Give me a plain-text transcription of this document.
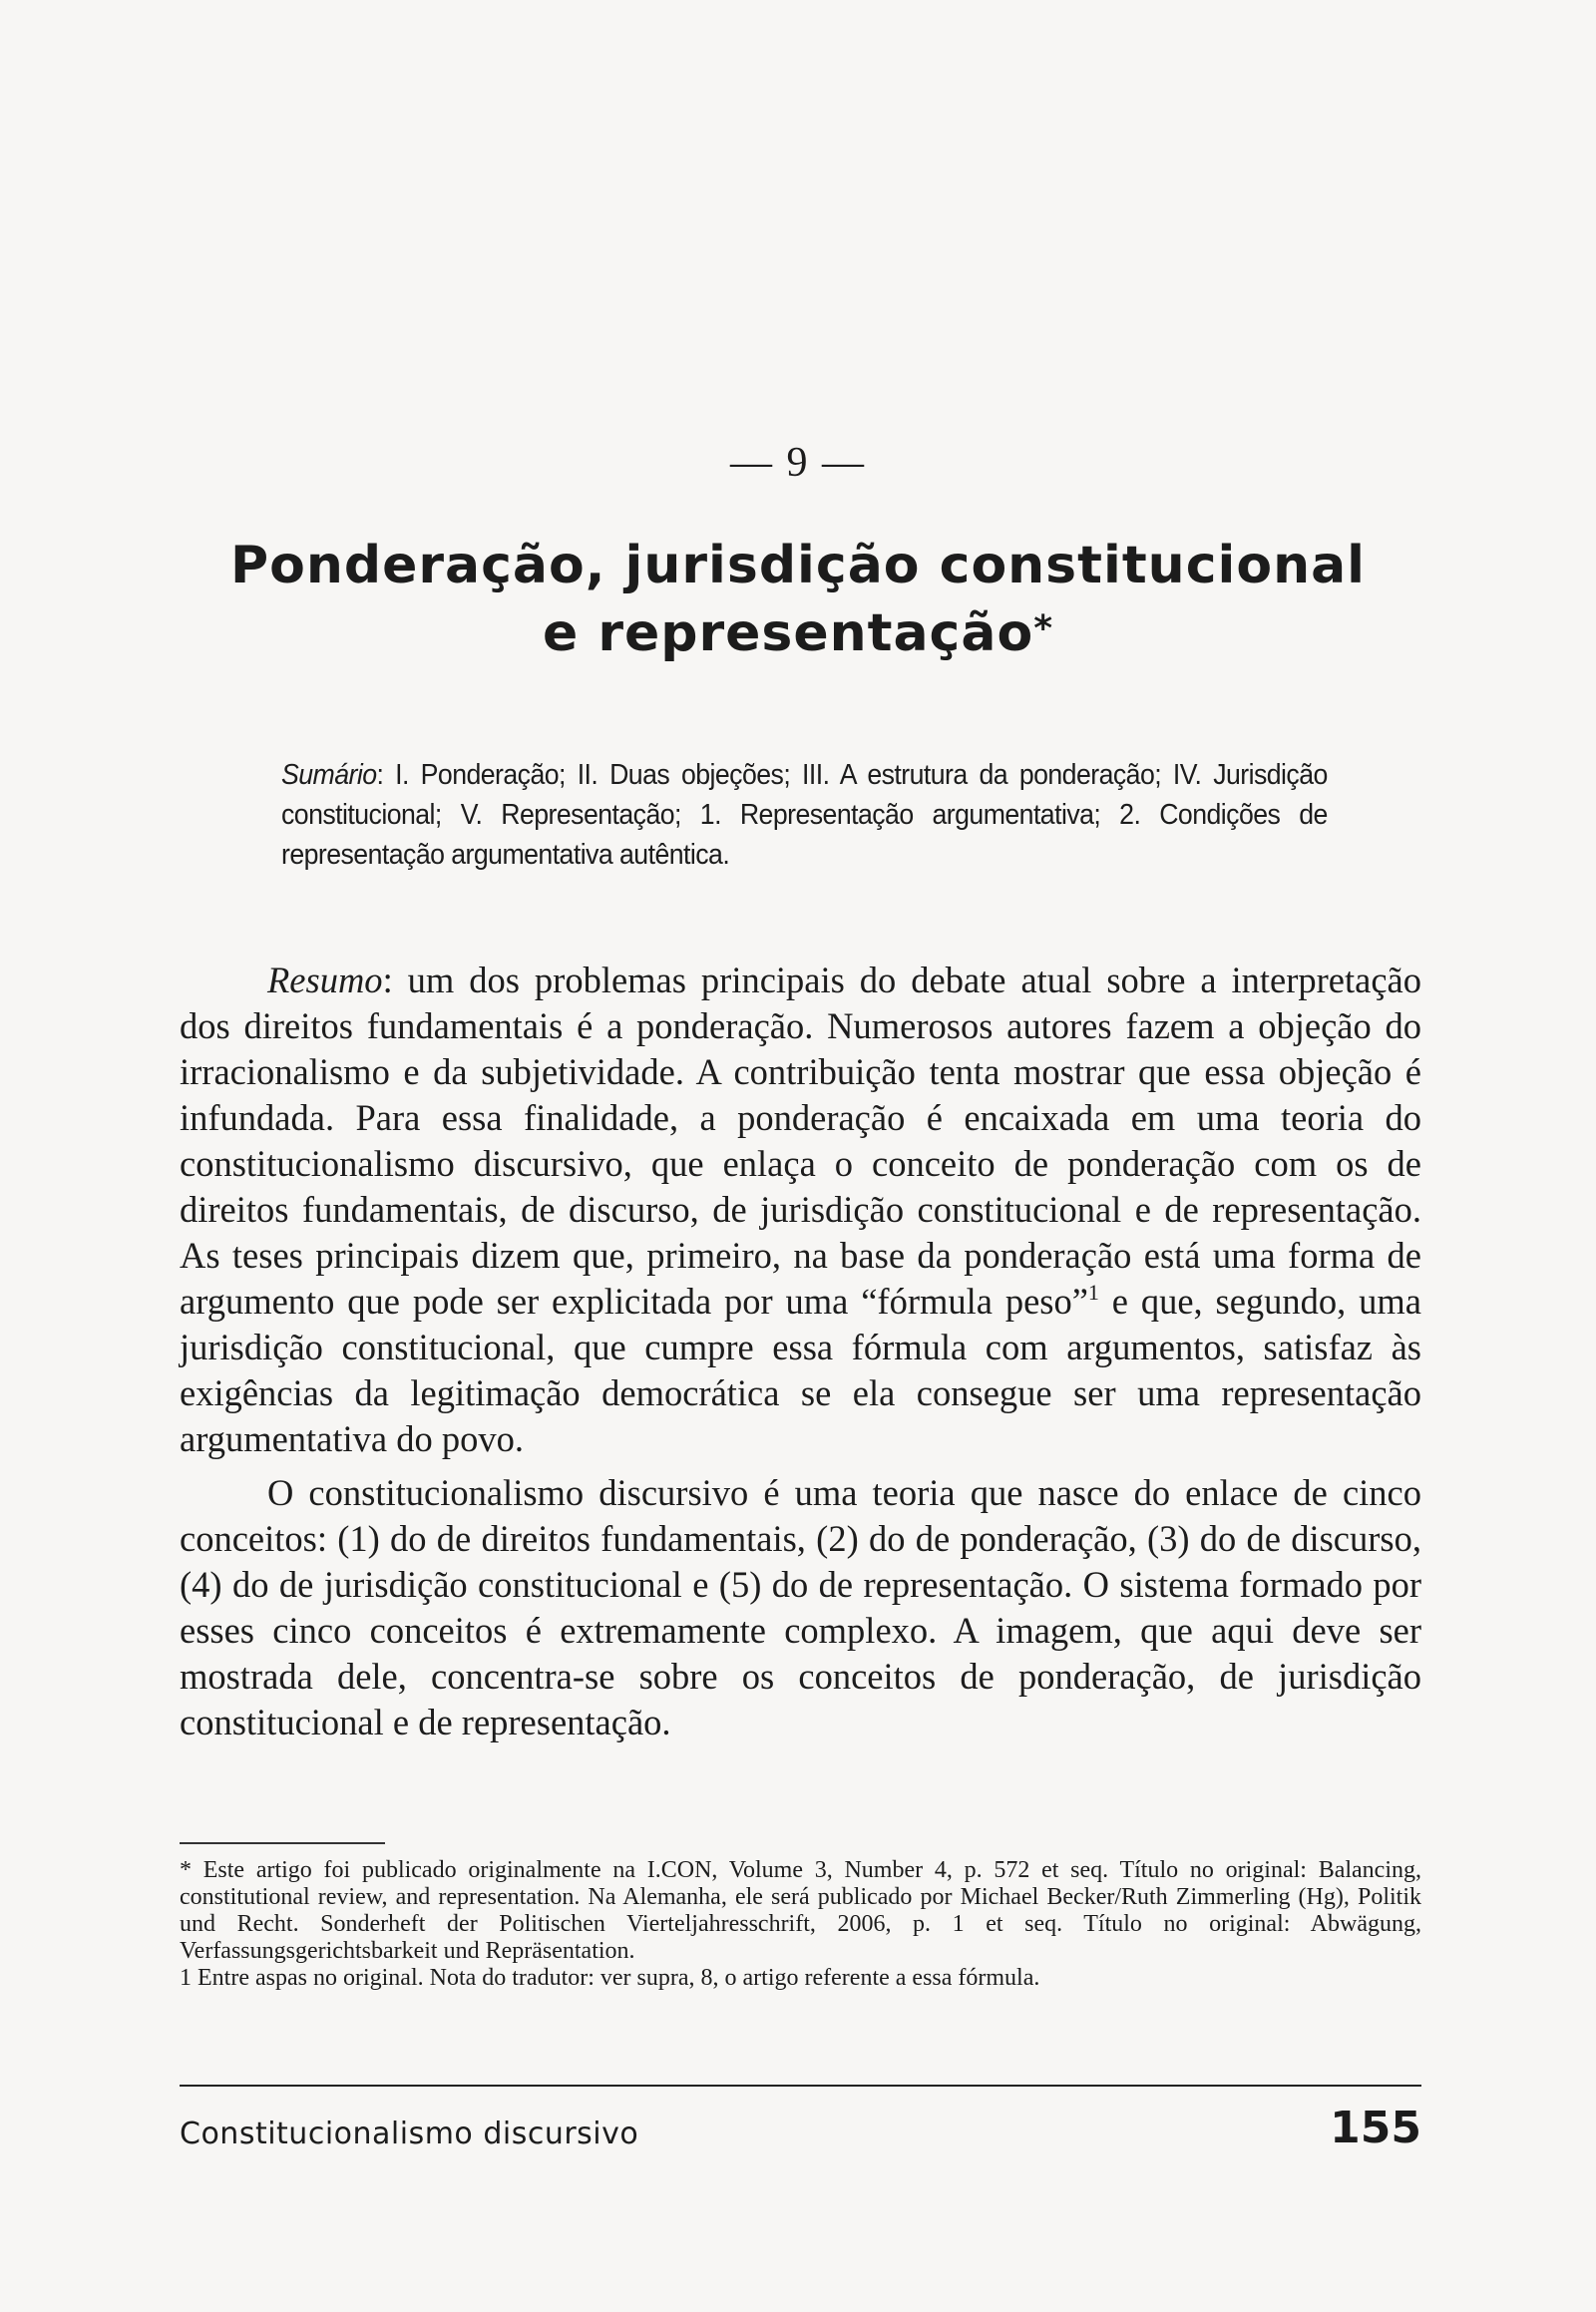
— 9 —
Ponderação, jurisdição constitucional
e representação*
Sumário: I. Ponderação; II. Duas objeções; III. A estrutura da ponderação; IV. Jurisdição constitucional; V. Representação; 1. Representação argumentativa; 2. Condições de representação argumentativa autêntica.

Resumo: um dos problemas principais do debate atual sobre a interpretação dos direitos fundamentais é a ponderação. Numerosos autores fazem a objeção do irracionalismo e da subjetividade. A contribuição tenta mostrar que essa objeção é infundada. Para essa finalidade, a ponderação é encaixada em uma teoria do constitucionalismo discursivo, que enlaça o conceito de ponderação com os de direitos fundamentais, de discurso, de jurisdição constitucional e de representação. As teses principais dizem que, primeiro, na base da ponderação está uma forma de argumento que pode ser explicitada por uma “fórmula peso”$^1$ e que, segundo, uma jurisdição constitucional, que cumpre essa fórmula com argumentos, satisfaz às exigências da legitimação democrática se ela consegue ser uma representação argumentativa do povo.

O constitucionalismo discursivo é uma teoria que nasce do enlace de cinco conceitos: (1) do de direitos fundamentais, (2) do de ponderação, (3) do de discurso, (4) do de jurisdição constitucional e (5) do de representação. O sistema formado por esses cinco conceitos é extremamente complexo. A imagem, que aqui deve ser mostrada dele, concentra-se sobre os conceitos de ponderação, de jurisdição constitucional e de representação.

* Este artigo foi publicado originalmente na I.CON, Volume 3, Number 4, p. 572 et seq. Título no original: Balancing, constitutional review, and representation. Na Alemanha, ele será publicado por Michael Becker/Ruth Zimmerling (Hg), Politik und Recht. Sonderheft der Politischen Vierteljahresschrift, 2006, p. 1 et seq. Título no original: Abwägung, Verfassungsgerichtsbarkeit und Repräsentation.

1 Entre aspas no original. Nota do tradutor: ver supra, 8, o artigo referente a essa fórmula.

Constitucionalismo discursivo	155
